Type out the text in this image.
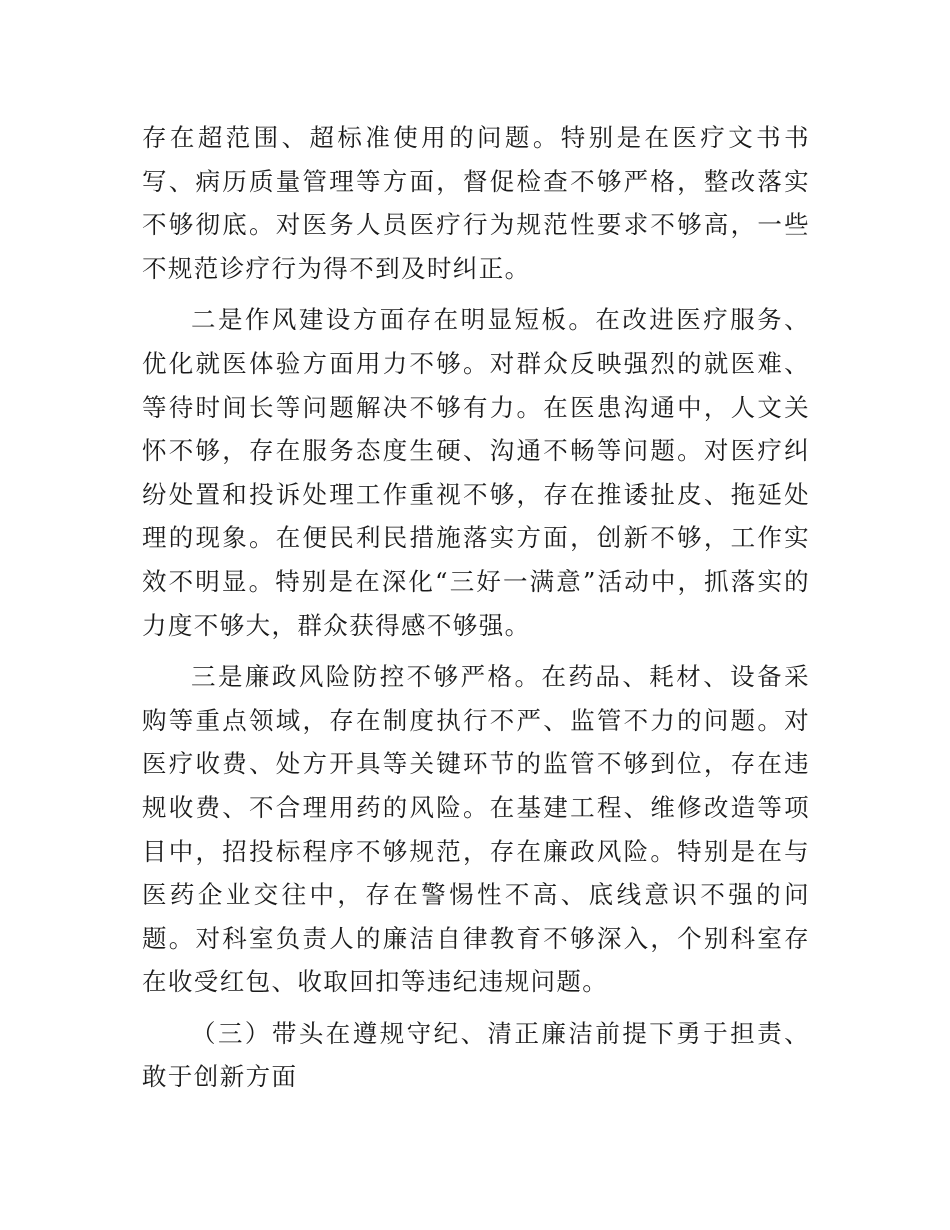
存在超范围、超标准使用的问题。特别是在医疗文书书写、病历质量管理等方面，督促检查不够严格，整改落实不够彻底。对医务人员医疗行为规范性要求不够高，一些不规范诊疗行为得不到及时纠正。

二是作风建设方面存在明显短板。在改进医疗服务、优化就医体验方面用力不够。对群众反映强烈的就医难、等待时间长等问题解决不够有力。在医患沟通中，人文关怀不够，存在服务态度生硬、沟通不畅等问题。对医疗纠纷处置和投诉处理工作重视不够，存在推诿扯皮、拖延处理的现象。在便民利民措施落实方面，创新不够，工作实效不明显。特别是在深化“三好一满意”活动中，抓落实的力度不够大，群众获得感不够强。

三是廉政风险防控不够严格。在药品、耗材、设备采购等重点领域，存在制度执行不严、监管不力的问题。对医疗收费、处方开具等关键环节的监管不够到位，存在违规收费、不合理用药的风险。在基建工程、维修改造等项目中，招投标程序不够规范，存在廉政风险。特别是在与医药企业交往中，存在警惕性不高、底线意识不强的问题。对科室负责人的廉洁自律教育不够深入，个别科室存在收受红包、收取回扣等违纪违规问题。

（三）带头在遵规守纪、清正廉洁前提下勇于担责、敢于创新方面
